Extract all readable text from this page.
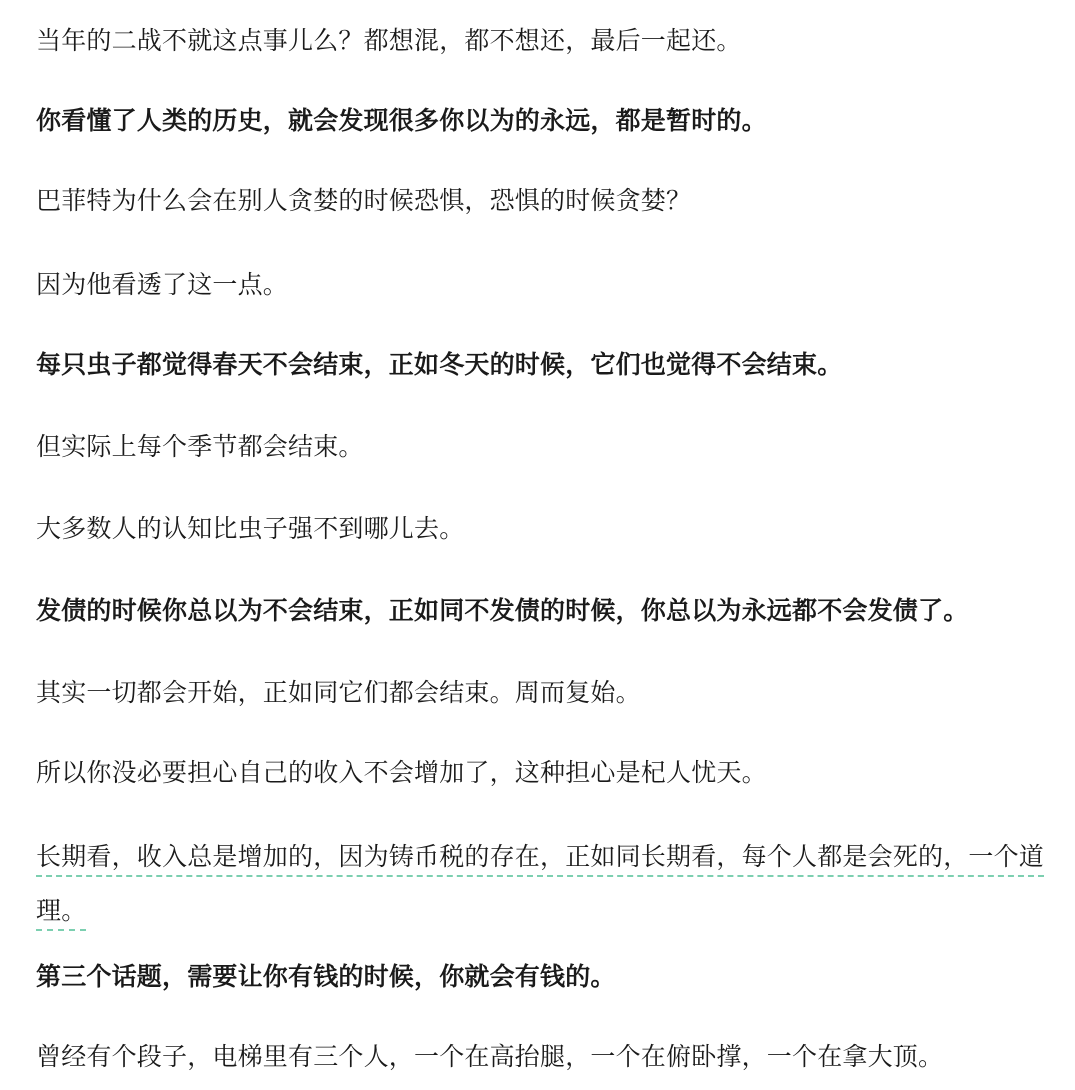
当年的二战不就这点事儿么？都想混，都不想还，最后一起还。

你看懂了人类的历史，就会发现很多你以为的永远，都是暂时的。

巴菲特为什么会在别人贪婪的时候恐惧，恐惧的时候贪婪？

因为他看透了这一点。

每只虫子都觉得春天不会结束，正如冬天的时候，它们也觉得不会结束。

但实际上每个季节都会结束。

大多数人的认知比虫子强不到哪儿去。

发债的时候你总以为不会结束，正如同不发债的时候，你总以为永远都不会发债了。

其实一切都会开始，正如同它们都会结束。周而复始。

所以你没必要担心自己的收入不会增加了，这种担心是杞人忧天。

长期看，收入总是增加的，因为铸币税的存在，正如同长期看，每个人都是会死的，一个道理。

第三个话题，需要让你有钱的时候，你就会有钱的。

曾经有个段子，电梯里有三个人，一个在高抬腿，一个在俯卧撑，一个在拿大顶。
